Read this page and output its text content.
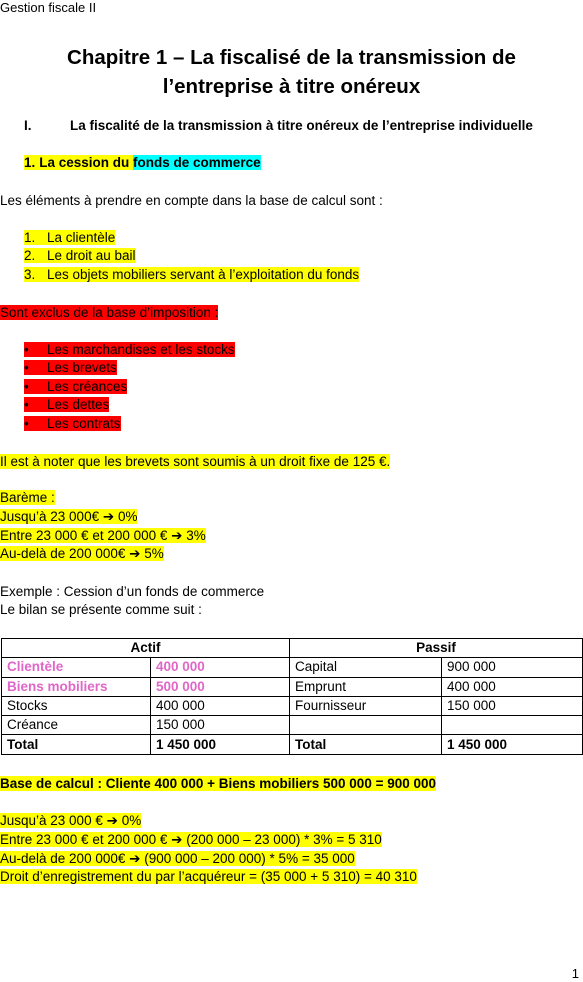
Gestion fiscale II
Chapitre 1 – La fiscalisé de la transmission de
l’entreprise à titre onéreux
I.	La fiscalité de la transmission à titre onéreux de l’entreprise individuelle
1. La cession du fonds de commerce
Les éléments à prendre en compte dans la base de calcul sont :
1. La clientèle
2. Le droit au bail
3. Les objets mobiliers servant à l’exploitation du fonds
Sont exclus de la base d’imposition :
•Les marchandises et les stocks
•Les brevets
•Les créances
•Les dettes
•Les contrats
Il est à noter que les brevets sont soumis à un droit fixe de 125 €.
Barème :
Jusqu’à 23 000€ ➔ 0%
Entre 23 000 € et 200 000 € ➔ 3%
Au-delà de 200 000€ ➔ 5%
Exemple : Cession d’un fonds de commerce
Le bilan se présente comme suit :
Actif		Passif	
Clientèle	400 000	Capital	900 000
Biens mobiliers	500 000	Emprunt	400 000
Stocks	400 000	Fournisseur	150 000
Créance	150 000		
Total	1 450 000	Total	1 450 000
Base de calcul : Cliente 400 000 + Biens mobiliers 500 000 = 900 000
Jusqu’à 23 000 € ➔ 0%
Entre 23 000 € et 200 000 € ➔ (200 000 – 23 000) * 3% = 5 310
Au-delà de 200 000€ ➔ (900 000 – 200 000) * 5% = 35 000
Droit d’enregistrement du par l’acquéreur = (35 000 + 5 310) = 40 310
1
